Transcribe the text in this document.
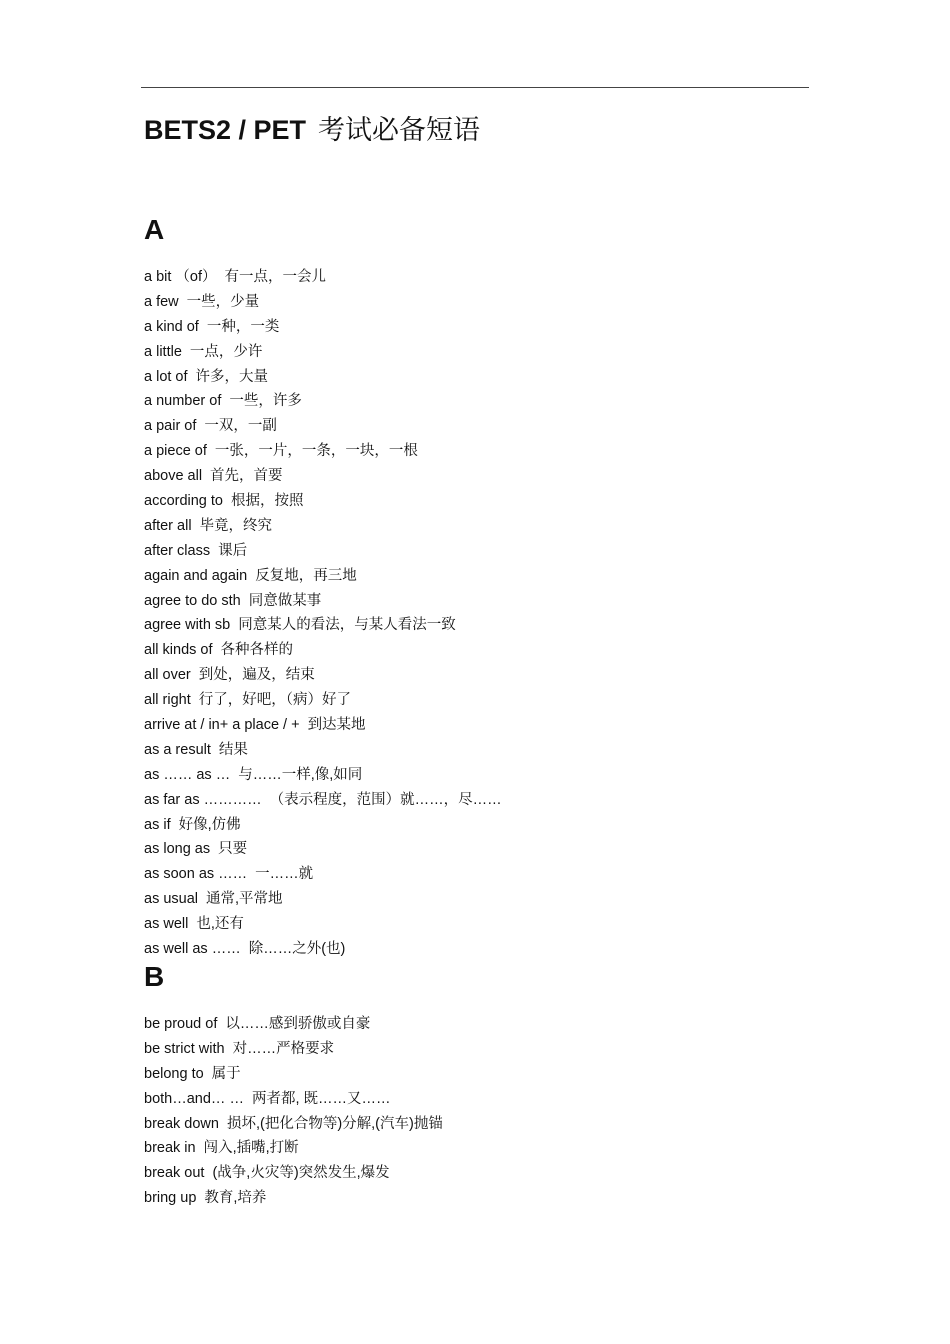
BETS2 / PET 考试必备短语
A
a bit （of） 有一点，一会儿
a few 一些，少量
a kind of 一种，一类
a little 一点，少许
a lot of 许多，大量
a number of 一些，许多
a pair of 一双，一副
a piece of 一张，一片，一条，一块，一根
above all 首先，首要
according to 根据，按照
after all 毕竟，终究
after class 课后
again and again 反复地，再三地
agree to do sth 同意做某事
agree with sb 同意某人的看法，与某人看法一致
all kinds of 各种各样的
all over 到处，遍及，结束
all right 行了，好吧，（病）好了
arrive at / in+ a place / + 到达某地
as a result 结果
as …… as … 与……一样,像,如同
as far as ………… （表示程度，范围）就……，尽……
as if 好像,仿佛
as long as 只要
as soon as …… 一……就
as usual 通常,平常地
as well 也,还有
as well as …… 除……之外(也)
B
be proud of 以……感到骄傲或自豪
be strict with 对……严格要求
belong to 属于
both…and… … 两者都, 既……又……
break down 损坏,(把化合物等)分解,(汽车)抛锚
break in 闯入,插嘴,打断
break out (战争,火灾等)突然发生,爆发
bring up 教育,培养
